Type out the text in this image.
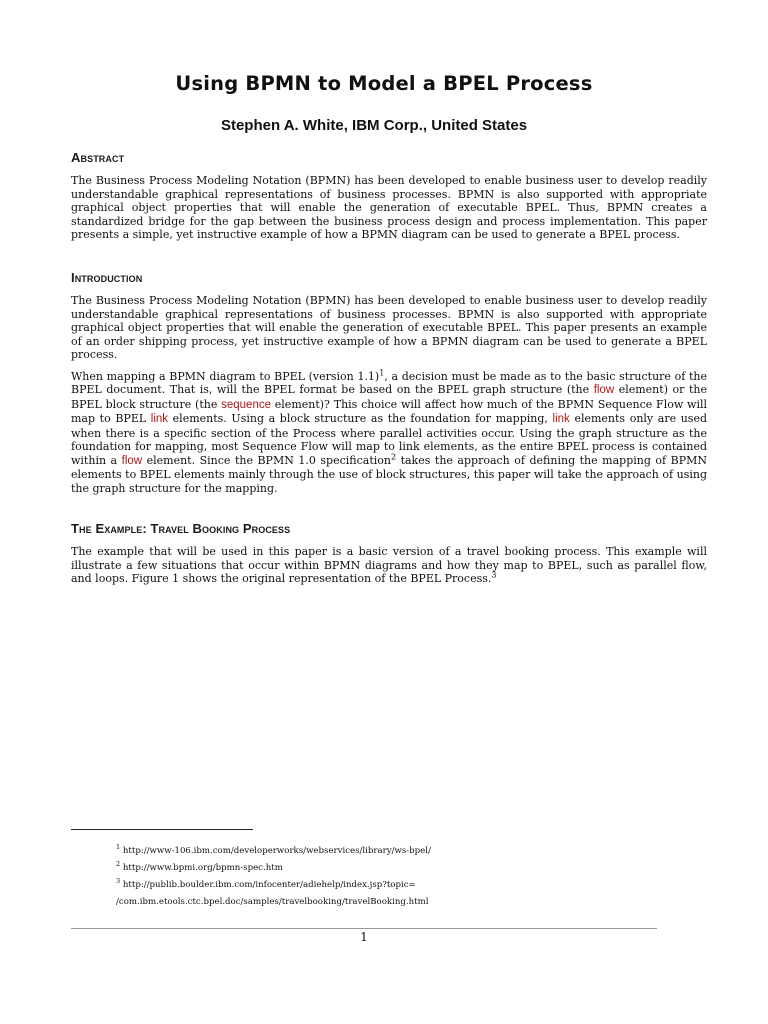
Using BPMN to Model a BPEL Process

Stephen A. White, IBM Corp., United States

Abstract

The Business Process Modeling Notation (BPMN) has been developed to enable business user to develop readily understandable graphical representations of business processes. BPMN is also supported with appropriate graphical object properties that will enable the generation of executable BPEL. Thus, BPMN creates a standardized bridge for the gap between the business process design and process implementation. This paper presents a simple, yet instructive example of how a BPMN diagram can be used to generate a BPEL process.

Introduction

The Business Process Modeling Notation (BPMN) has been developed to enable business user to develop readily understandable graphical representations of business processes. BPMN is also supported with appropriate graphical object properties that will enable the generation of executable BPEL. This paper presents an example of an order shipping process, yet instructive example of how a BPMN diagram can be used to generate a BPEL process.

When mapping a BPMN diagram to BPEL (version 1.1)$^1$, a decision must be made as to the basic structure of the BPEL document. That is, will the BPEL format be based on the BPEL graph structure (the flow element) or the BPEL block structure (the sequence element)? This choice will affect how much of the BPMN Sequence Flow will map to BPEL link elements. Using a block structure as the foundation for mapping, link elements only are used when there is a specific section of the Process where parallel activities occur. Using the graph structure as the foundation for mapping, most Sequence Flow will map to link elements, as the entire BPEL process is contained within a flow element. Since the BPMN 1.0 specification$^2$ takes the approach of defining the mapping of BPMN elements to BPEL elements mainly through the use of block structures, this paper will take the approach of using the graph structure for the mapping.

The Example: Travel Booking Process

The example that will be used in this paper is a basic version of a travel booking process. This example will illustrate a few situations that occur within BPMN diagrams and how they map to BPEL, such as parallel flow, and loops. Figure 1 shows the original representation of the BPEL Process.$^3$

$^1$ http://www-106.ibm.com/developerworks/webservices/library/ws-bpel/

$^2$ http://www.bpmi.org/bpmn-spec.htm

$^3$ http://publib.boulder.ibm.com/infocenter/adiehelp/index.jsp?topic=

/com.ibm.etools.ctc.bpel.doc/samples/travelbooking/travelBooking.html

1
